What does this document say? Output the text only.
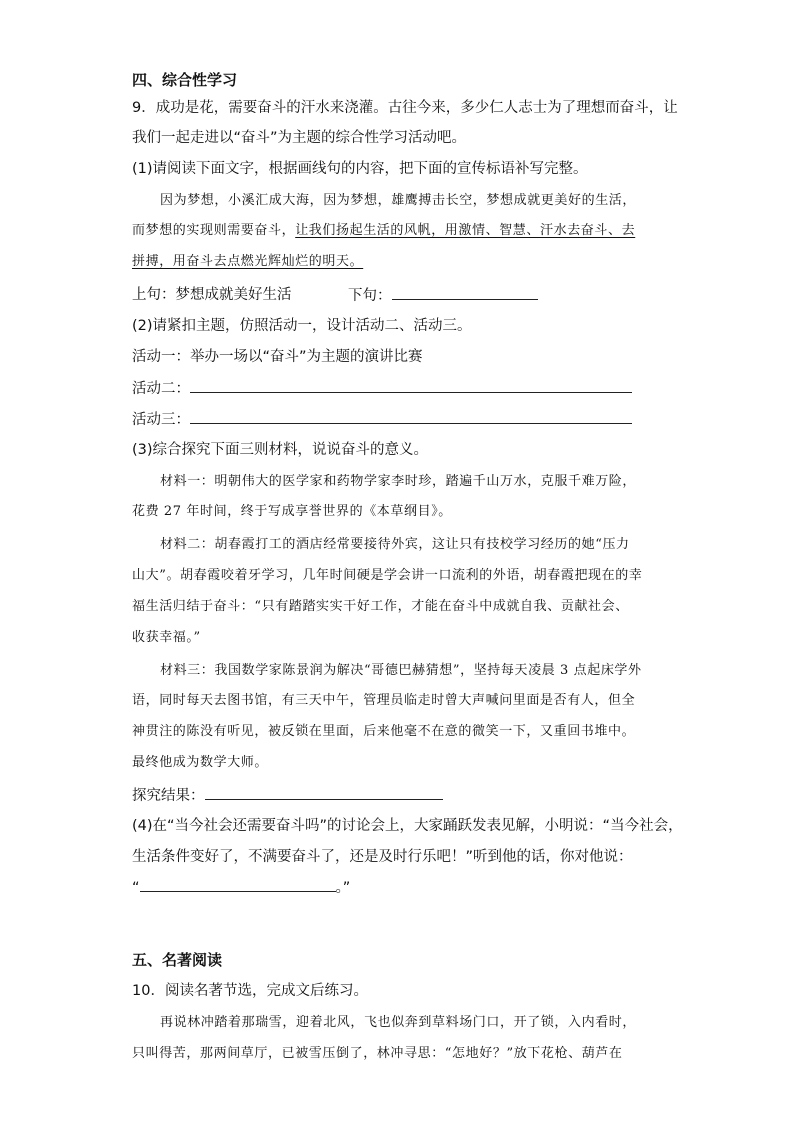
四、综合性学习
9．成功是花，需要奋斗的汗水来浇灌。古往今来，多少仁人志士为了理想而奋斗，让
我们一起走进以“奋斗”为主题的综合性学习活动吧。
(1)请阅读下面文字，根据画线句的内容，把下面的宣传标语补写完整。
因为梦想，小溪汇成大海，因为梦想，雄鹰搏击长空，梦想成就更美好的生活，
而梦想的实现则需要奋斗，让我们扬起生活的风帆，用激情、智慧、汗水去奋斗、去
拼搏，用奋斗去点燃光辉灿烂的明天。
上句：梦想成就美好生活	下句：
(2)请紧扣主题，仿照活动一，设计活动二、活动三。
活动一：举办一场以“奋斗”为主题的演讲比赛
活动二：
活动三：
(3)综合探究下面三则材料，说说奋斗的意义。
材料一：明朝伟大的医学家和药物学家李时珍，踏遍千山万水，克服千难万险，
花费 27 年时间，终于写成享誉世界的《本草纲目》。
材料二：胡春霞打工的酒店经常要接待外宾，这让只有技校学习经历的她“压力
山大”。胡春霞咬着牙学习，几年时间硬是学会讲一口流利的外语，胡春霞把现在的幸
福生活归结于奋斗：“只有踏踏实实干好工作，才能在奋斗中成就自我、贡献社会、
收获幸福。”
材料三：我国数学家陈景润为解决“哥德巴赫猜想”，坚持每天凌晨 3 点起床学外
语，同时每天去图书馆，有三天中午，管理员临走时曾大声喊问里面是否有人，但全
神贯注的陈没有听见，被反锁在里面，后来他毫不在意的微笑一下，又重回书堆中。
最终他成为数学大师。
探究结果：
(4)在“当今社会还需要奋斗吗”的讨论会上，大家踊跃发表见解，小明说：“当今社会，
生活条件变好了，不满要奋斗了，还是及时行乐吧！”听到他的话，你对他说：
“	。”
五、名著阅读
10．阅读名著节选，完成文后练习。
再说林冲踏着那瑞雪，迎着北风，飞也似奔到草料场门口，开了锁，入内看时，
只叫得苦，那两间草厅，已被雪压倒了，林冲寻思：“怎地好？”放下花枪、葫芦在
